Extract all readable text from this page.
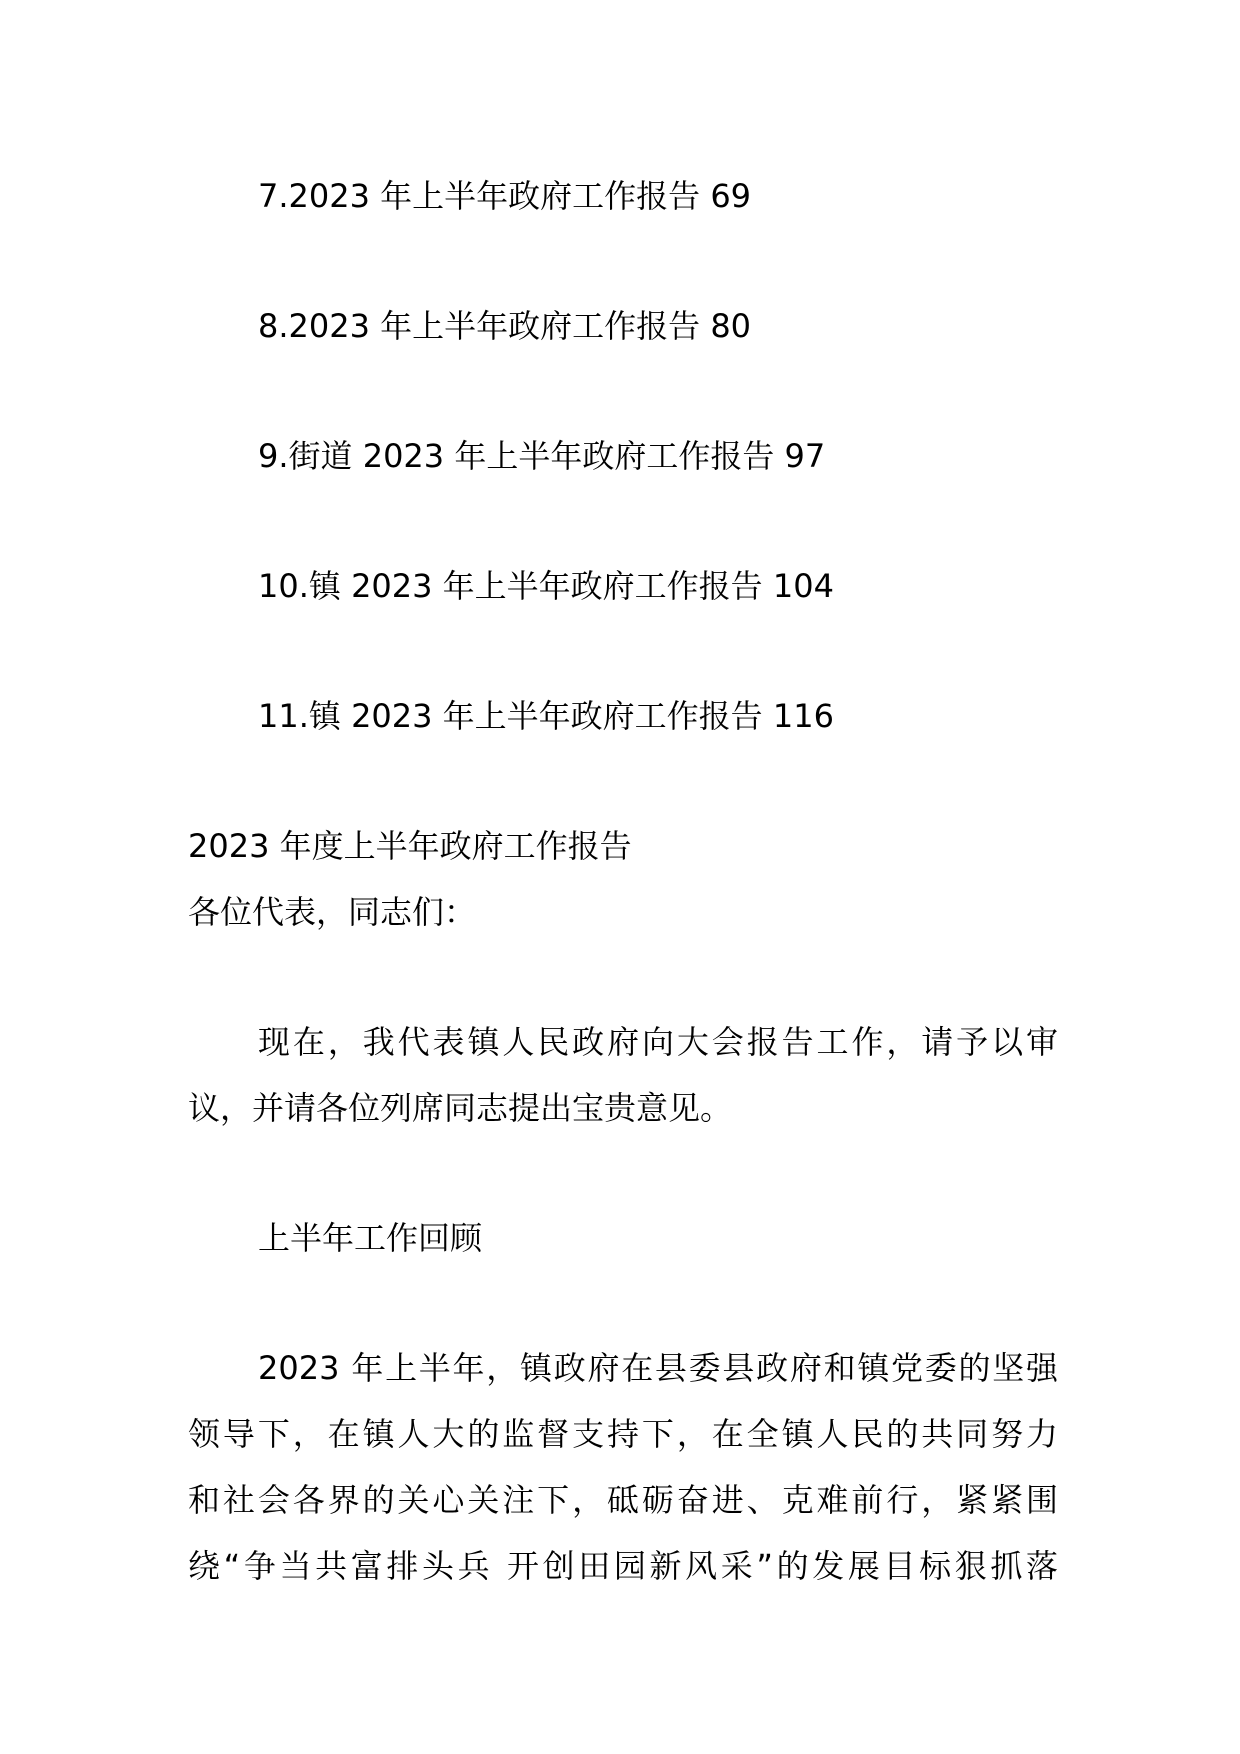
7.2023 年上半年政府工作报告 69
8.2023 年上半年政府工作报告 80
9.街道 2023 年上半年政府工作报告 97
10.镇 2023 年上半年政府工作报告 104
11.镇 2023 年上半年政府工作报告 116
2023 年度上半年政府工作报告
各位代表，同志们：
现在，我代表镇人民政府向大会报告工作，请予以审
议，并请各位列席同志提出宝贵意见。
上半年工作回顾
2023 年上半年，镇政府在县委县政府和镇党委的坚强
领导下，在镇人大的监督支持下，在全镇人民的共同努力
和社会各界的关心关注下，砥砺奋进、克难前行，紧紧围
绕“争当共富排头兵 开创田园新风采”的发展目标狠抓落
